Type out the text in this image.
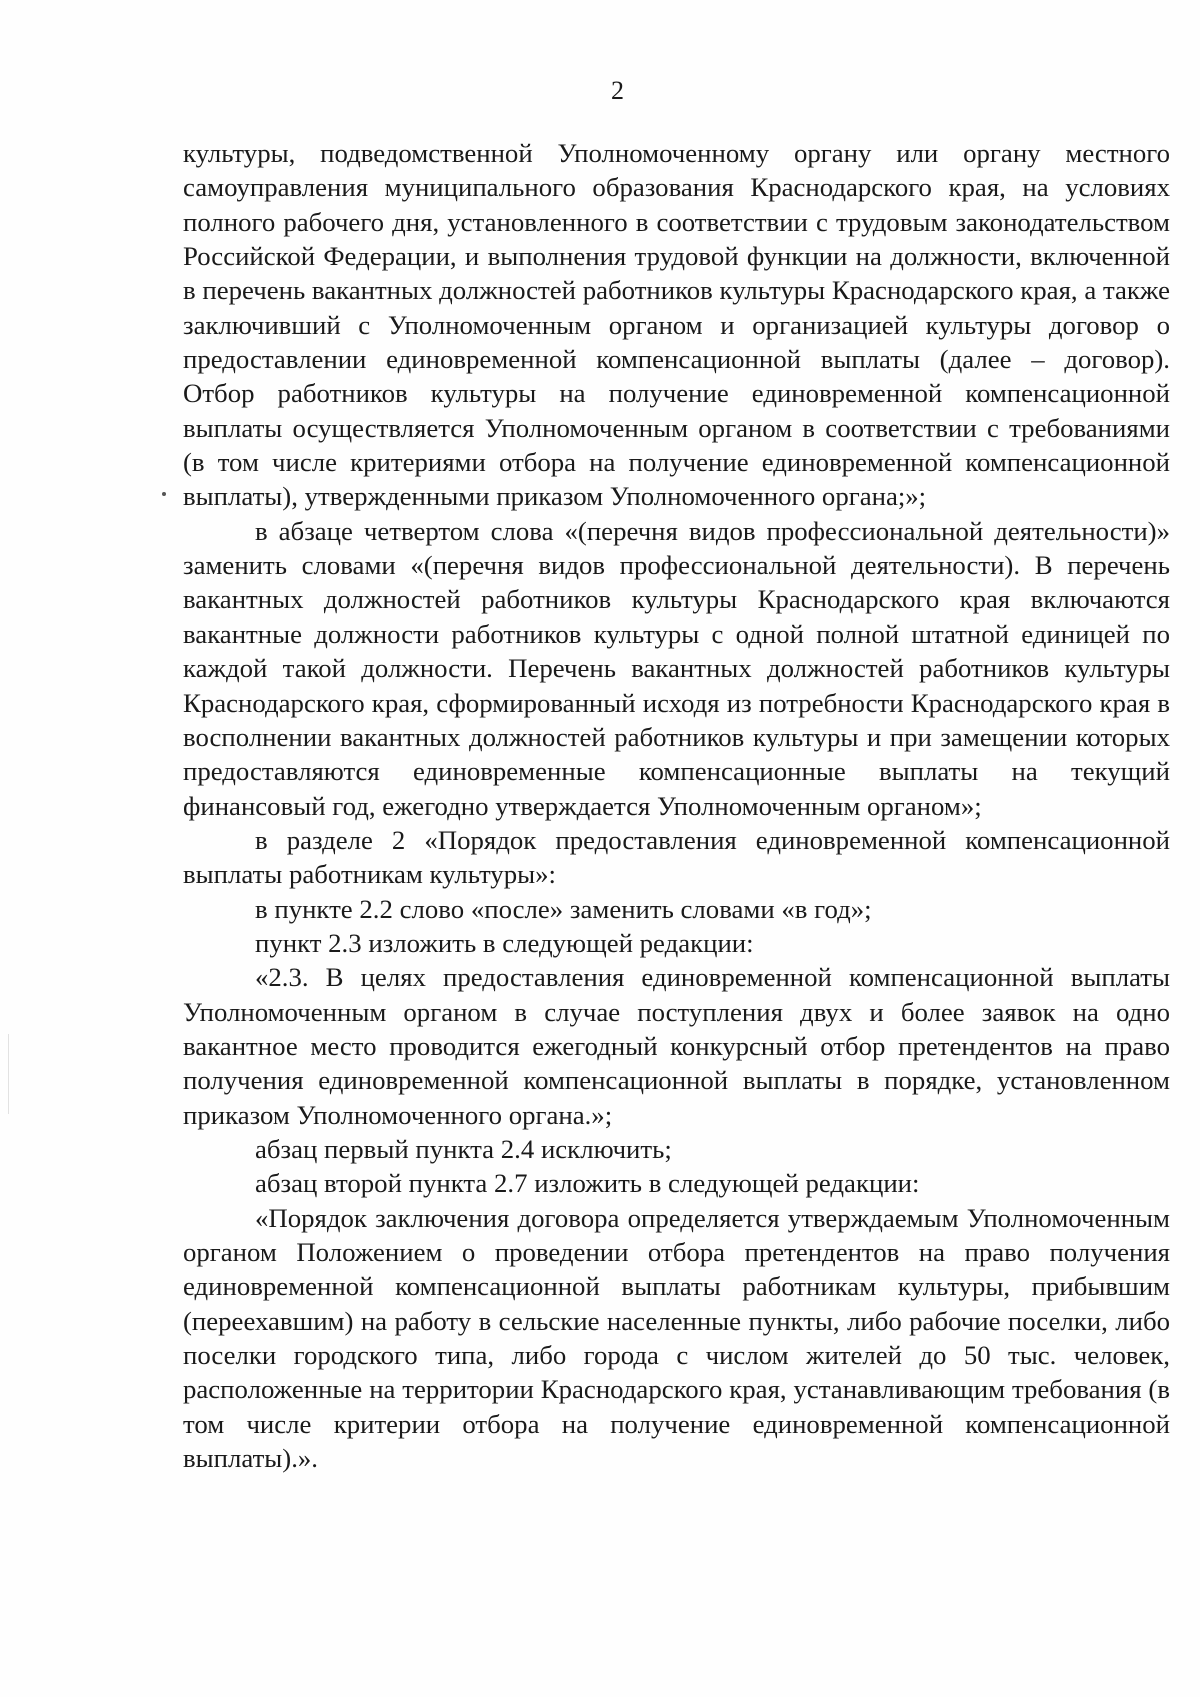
2

культуры, подведомственной Уполномоченному органу или органу местного самоуправления муниципального образования Краснодарского края, на условиях полного рабочего дня, установленного в соответствии с трудовым законодательством Российской Федерации, и выполнения трудовой функции на должности, включенной в перечень вакантных должностей работников культуры Краснодарского края, а также заключивший с Уполномоченным органом и организацией культуры договор о предоставлении единовременной компенсационной выплаты (далее – договор). Отбор работников культуры на получение единовременной компенсационной выплаты осуществляется Уполномоченным органом в соответствии с требованиями (в том числе критериями отбора на получение единовременной компенсационной выплаты), утвержденными приказом Уполномоченного органа;»;

в абзаце четвертом слова «(перечня видов профессиональной деятельности)» заменить словами «(перечня видов профессиональной деятельности). В перечень вакантных должностей работников культуры Краснодарского края включаются вакантные должности работников культуры с одной полной штатной единицей по каждой такой должности. Перечень вакантных должностей работников культуры Краснодарского края, сформированный исходя из потребности Краснодарского края в восполнении вакантных должностей работников культуры и при замещении которых предоставляются единовременные компенсационные выплаты на текущий финансовый год, ежегодно утверждается Уполномоченным органом»;

в разделе 2 «Порядок предоставления единовременной компенсационной выплаты работникам культуры»:

в пункте 2.2 слово «после» заменить словами «в год»;

пункт 2.3 изложить в следующей редакции:

«2.3. В целях предоставления единовременной компенсационной выплаты Уполномоченным органом в случае поступления двух и более заявок на одно вакантное место проводится ежегодный конкурсный отбор претендентов на право получения единовременной компенсационной выплаты в порядке, установленном приказом Уполномоченного органа.»;

абзац первый пункта 2.4 исключить;

абзац второй пункта 2.7 изложить в следующей редакции:

«Порядок заключения договора определяется утверждаемым Уполномоченным органом Положением о проведении отбора претендентов на право получения единовременной компенсационной выплаты работникам культуры, прибывшим (переехавшим) на работу в сельские населенные пункты, либо рабочие поселки, либо поселки городского типа, либо города с числом жителей до 50 тыс. человек, расположенные на территории Краснодарского края, устанавливающим требования (в том числе критерии отбора на получение единовременной компенсационной выплаты).».
